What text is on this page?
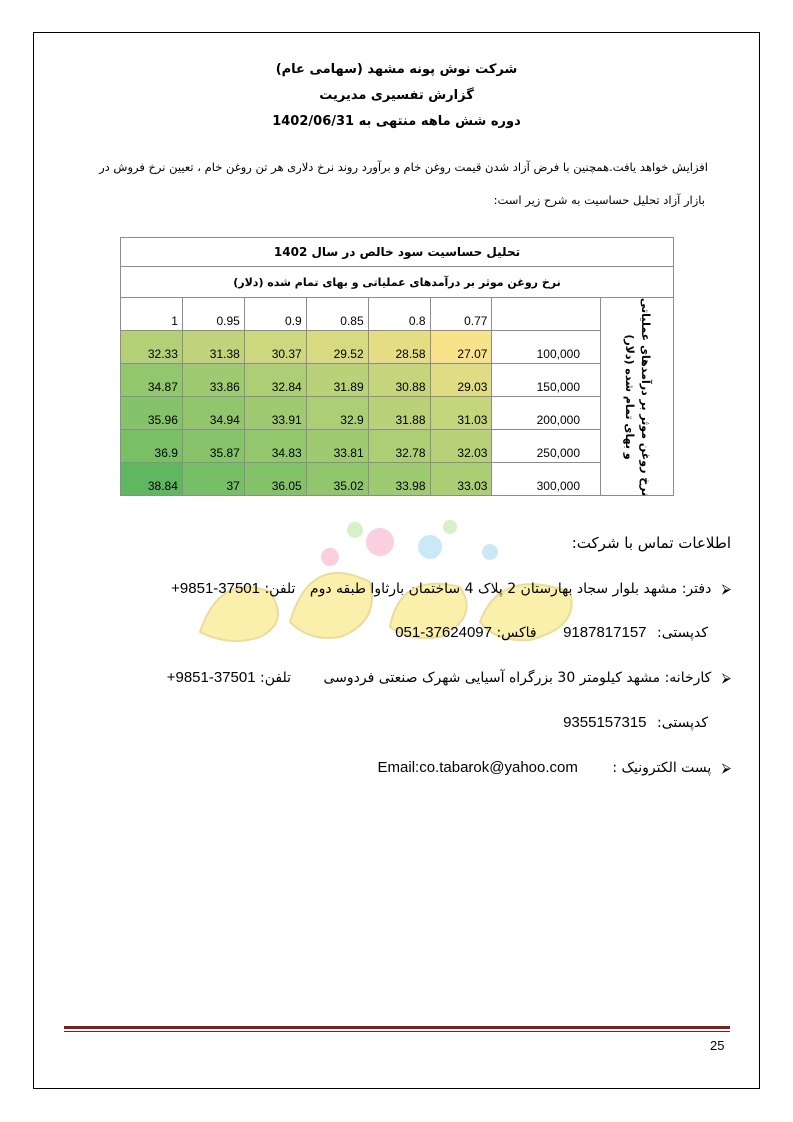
شرکت نوش پونه مشهد (سهامی عام)
گزارش تفسیری مدیریت
دوره شش ماهه منتهی به 1402/06/31
افزایش خواهد یافت.همچنین با فرض آزاد شدن قیمت روغن خام و برآورد روند نرخ دلاری هر تن روغن خام ، تعیین نرخ فروش در
بازار آزاد تحلیل حساسیت به شرح زیر است:
تحلیل حساسیت سود خالص در سال 1402							
نرخ روغن موثر بر درآمدهای عملیاتی و بهای تمام شده (دلار)							
1	0.95	0.9	0.85	0.8	0.77		نرخ روغن موثر بر درآمدهای عملیاتی
و بهای تمام شده (دلار)

32.33	31.38	30.37	29.52	28.58	27.07	100,000	
34.87	33.86	32.84	31.89	30.88	29.03	150,000	
35.96	34.94	33.91	32.9	31.88	31.03	200,000	
36.9	35.87	34.83	33.81	32.78	32.03	250,000	
38.84	37	36.05	35.02	33.98	33.03	300,000	
اطلاعات تماس با شرکت:
⮚ دفتر: مشهد بلوار سجاد بهارستان 2 پلاک 4 ساختمان بارثاوا طبقه دوم تلفن: +9851-37501
کدپستی: 9187817157 فاکس: 051-37624097
⮚ کارخانه: مشهد کیلومتر 30 بزرگراه آسیایی شهرک صنعتی فردوسی تلفن: +9851-37501
کدپستی: 9355157315
⮚ پست الکترونیک : Email:co.tabarok@yahoo.com
25
